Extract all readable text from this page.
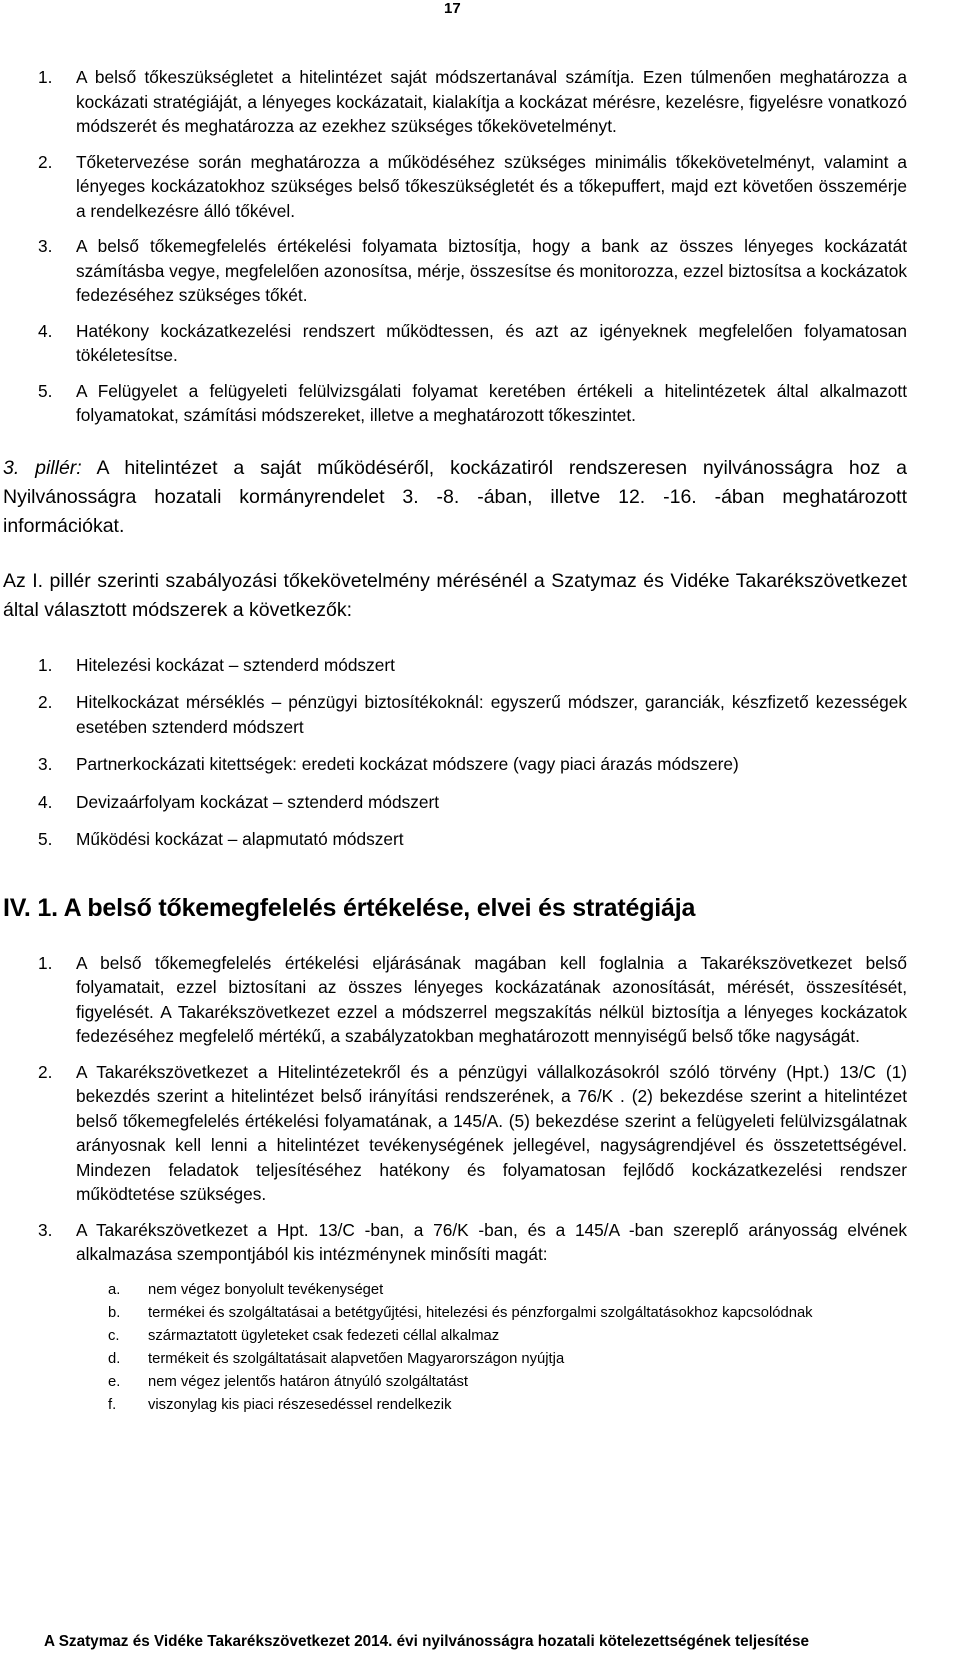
17
1. A belső tőkeszükségletet a hitelintézet saját módszertanával számítja. Ezen túlmenően meghatározza a kockázati stratégiáját, a lényeges kockázatait, kialakítja a kockázat mérésre, kezelésre, figyelésre vonatkozó módszerét és meghatározza az ezekhez szükséges tőkekövetelményt.
2. Tőketervezése során meghatározza a működéséhez szükséges minimális tőkekövetelményt, valamint a lényeges kockázatokhoz szükséges belső tőkeszükségletét és a tőkepuffert, majd ezt követően összemérje a rendelkezésre álló tőkével.
3. A belső tőkemegfelelés értékelési folyamata biztosítja, hogy a bank az összes lényeges kockázatát számításba vegye, megfelelően azonosítsa, mérje, összesítse és monitorozza, ezzel biztosítsa a kockázatok fedezéséhez szükséges tőkét.
4. Hatékony kockázatkezelési rendszert működtessen, és azt az igényeknek megfelelően folyamatosan tökéletesítse.
5. A Felügyelet a felügyeleti felülvizsgálati folyamat keretében értékeli a hitelintézetek által alkalmazott folyamatokat, számítási módszereket, illetve a meghatározott tőkeszintet.

3. pillér: A hitelintézet a saját működéséről, kockázatiról rendszeresen nyilvánosságra hoz a Nyilvánosságra hozatali kormányrendelet 3. -8. -ában, illetve 12. -16. -ában meghatározott információkat.

Az I. pillér szerinti szabályozási tőkekövetelmény mérésénél a Szatymaz és Vidéke Takarékszövetkezet által választott módszerek a következők:

1. Hitelezési kockázat – sztenderd módszert
2. Hitelkockázat mérséklés – pénzügyi biztosítékoknál: egyszerű módszer, garanciák, készfizető kezességek esetében sztenderd módszert
3. Partnerkockázati kitettségek: eredeti kockázat módszere (vagy piaci árazás módszere)
4. Devizaárfolyam kockázat – sztenderd módszert
5. Működési kockázat – alapmutató módszert
IV. 1. A belső tőkemegfelelés értékelése, elvei és stratégiája
1. A belső tőkemegfelelés értékelési eljárásának magában kell foglalnia a Takarékszövetkezet belső folyamatait, ezzel biztosítani az összes lényeges kockázatának azonosítását, mérését, összesítését, figyelését. A Takarékszövetkezet ezzel a módszerrel megszakítás nélkül biztosítja a lényeges kockázatok fedezéséhez megfelelő mértékű, a szabályzatokban meghatározott mennyiségű belső tőke nagyságát.
2. A Takarékszövetkezet a Hitelintézetekről és a pénzügyi vállalkozásokról szóló törvény (Hpt.) 13/C (1) bekezdés szerint a hitelintézet belső irányítási rendszerének, a 76/K . (2) bekezdése szerint a hitelintézet belső tőkemegfelelés értékelési folyamatának, a 145/A. (5) bekezdése szerint a felügyeleti felülvizsgálatnak arányosnak kell lenni a hitelintézet tevékenységének jellegével, nagyságrendjével és összetettségével. Mindezen feladatok teljesítéséhez hatékony és folyamatosan fejlődő kockázatkezelési rendszer működtetése szükséges.
3. A Takarékszövetkezet a Hpt. 13/C -ban, a 76/K -ban, és a 145/A -ban szereplő arányosság elvének alkalmazása szempontjából kis intézménynek minősíti magát:
a. nem végez bonyolult tevékenységet
b. termékei és szolgáltatásai a betétgyűjtési, hitelezési és pénzforgalmi szolgáltatásokhoz kapcsolódnak
c. származtatott ügyleteket csak fedezeti céllal alkalmaz
d. termékeit és szolgáltatásait alapvetően Magyarországon nyújtja
e. nem végez jelentős határon átnyúló szolgáltatást
f. viszonylag kis piaci részesedéssel rendelkezik
A Szatymaz és Vidéke Takarékszövetkezet 2014. évi nyilvánosságra hozatali kötelezettségének teljesítése
